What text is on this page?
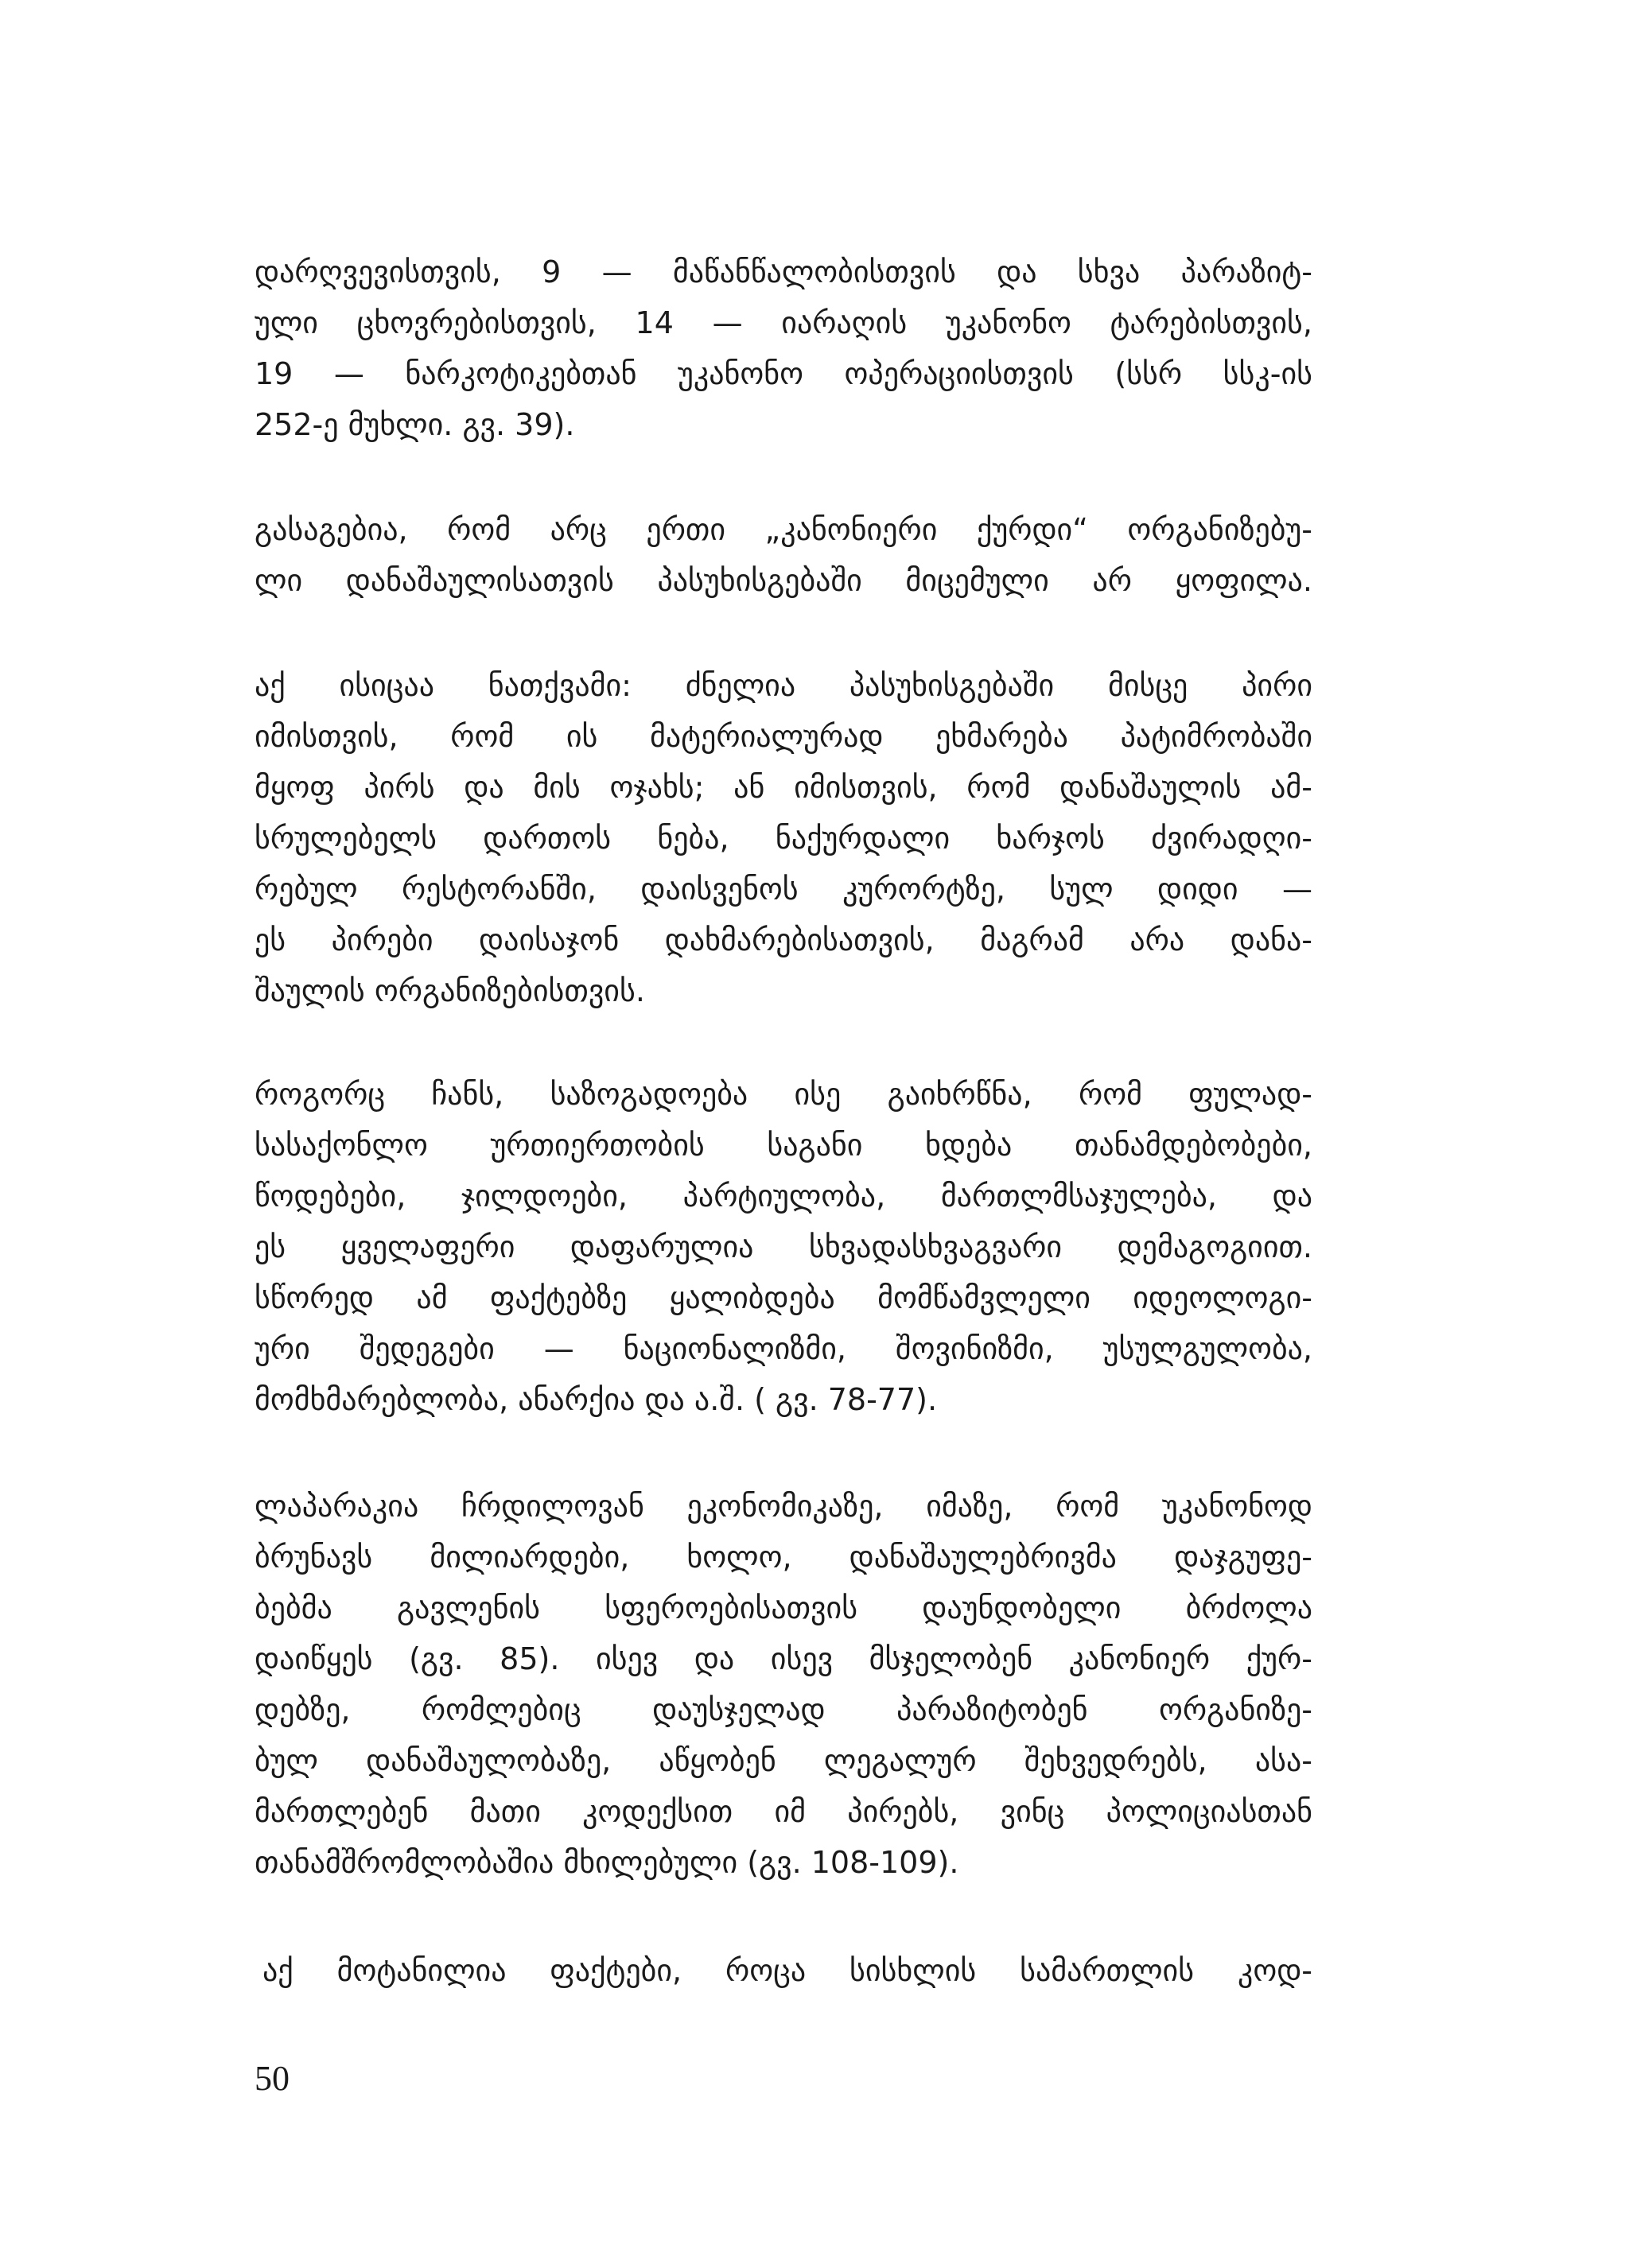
დარღვევისთვის, 9 — მაწანწალობისთვის და სხვა პარაზიტ-
ული ცხოვრებისთვის, 14 — იარაღის უკანონო ტარებისთვის,
19 — ნარკოტიკებთან უკანონო ოპერაციისთვის (სსრ სსკ-ის
252-ე მუხლი. გვ. 39).
გასაგებია, რომ არც ერთი „კანონიერი ქურდი“ ორგანიზებუ-
ლი დანაშაულისათვის პასუხისგებაში მიცემული არ ყოფილა.
აქ ისიცაა ნათქვამი: ძნელია პასუხისგებაში მისცე პირი
იმისთვის, რომ ის მატერიალურად ეხმარება პატიმრობაში
მყოფ პირს და მის ოჯახს; ან იმისთვის, რომ დანაშაულის ამ-
სრულებელს დართოს ნება, ნაქურდალი ხარჯოს ძვირადღი-
რებულ რესტორანში, დაისვენოს კურორტზე, სულ დიდი —
ეს პირები დაისაჯონ დახმარებისათვის, მაგრამ არა დანა-
შაულის ორგანიზებისთვის.
როგორც ჩანს, საზოგადოება ისე გაიხრწნა, რომ ფულად-
სასაქონლო ურთიერთობის საგანი ხდება თანამდებობები,
წოდებები, ჯილდოები, პარტიულობა, მართლმსაჯულება, და
ეს ყველაფერი დაფარულია სხვადასხვაგვარი დემაგოგიით.
სწორედ ამ ფაქტებზე ყალიბდება მომწამვლელი იდეოლოგი-
ური შედეგები — ნაციონალიზმი, შოვინიზმი, უსულგულობა,
მომხმარებლობა, ანარქია და ა.შ. ( გვ. 78-77).
ლაპარაკია ჩრდილოვან ეკონომიკაზე, იმაზე, რომ უკანონოდ
ბრუნავს მილიარდები, ხოლო, დანაშაულებრივმა დაჯგუფე-
ბებმა გავლენის სფეროებისათვის დაუნდობელი ბრძოლა
დაიწყეს (გვ. 85). ისევ და ისევ მსჯელობენ კანონიერ ქურ-
დებზე, რომლებიც დაუსჯელად პარაზიტობენ ორგანიზე-
ბულ დანაშაულობაზე, აწყობენ ლეგალურ შეხვედრებს, ასა-
მართლებენ მათი კოდექსით იმ პირებს, ვინც პოლიციასთან
თანამშრომლობაშია მხილებული (გვ. 108-109).
აქ მოტანილია ფაქტები, როცა სისხლის სამართლის კოდ-
50
